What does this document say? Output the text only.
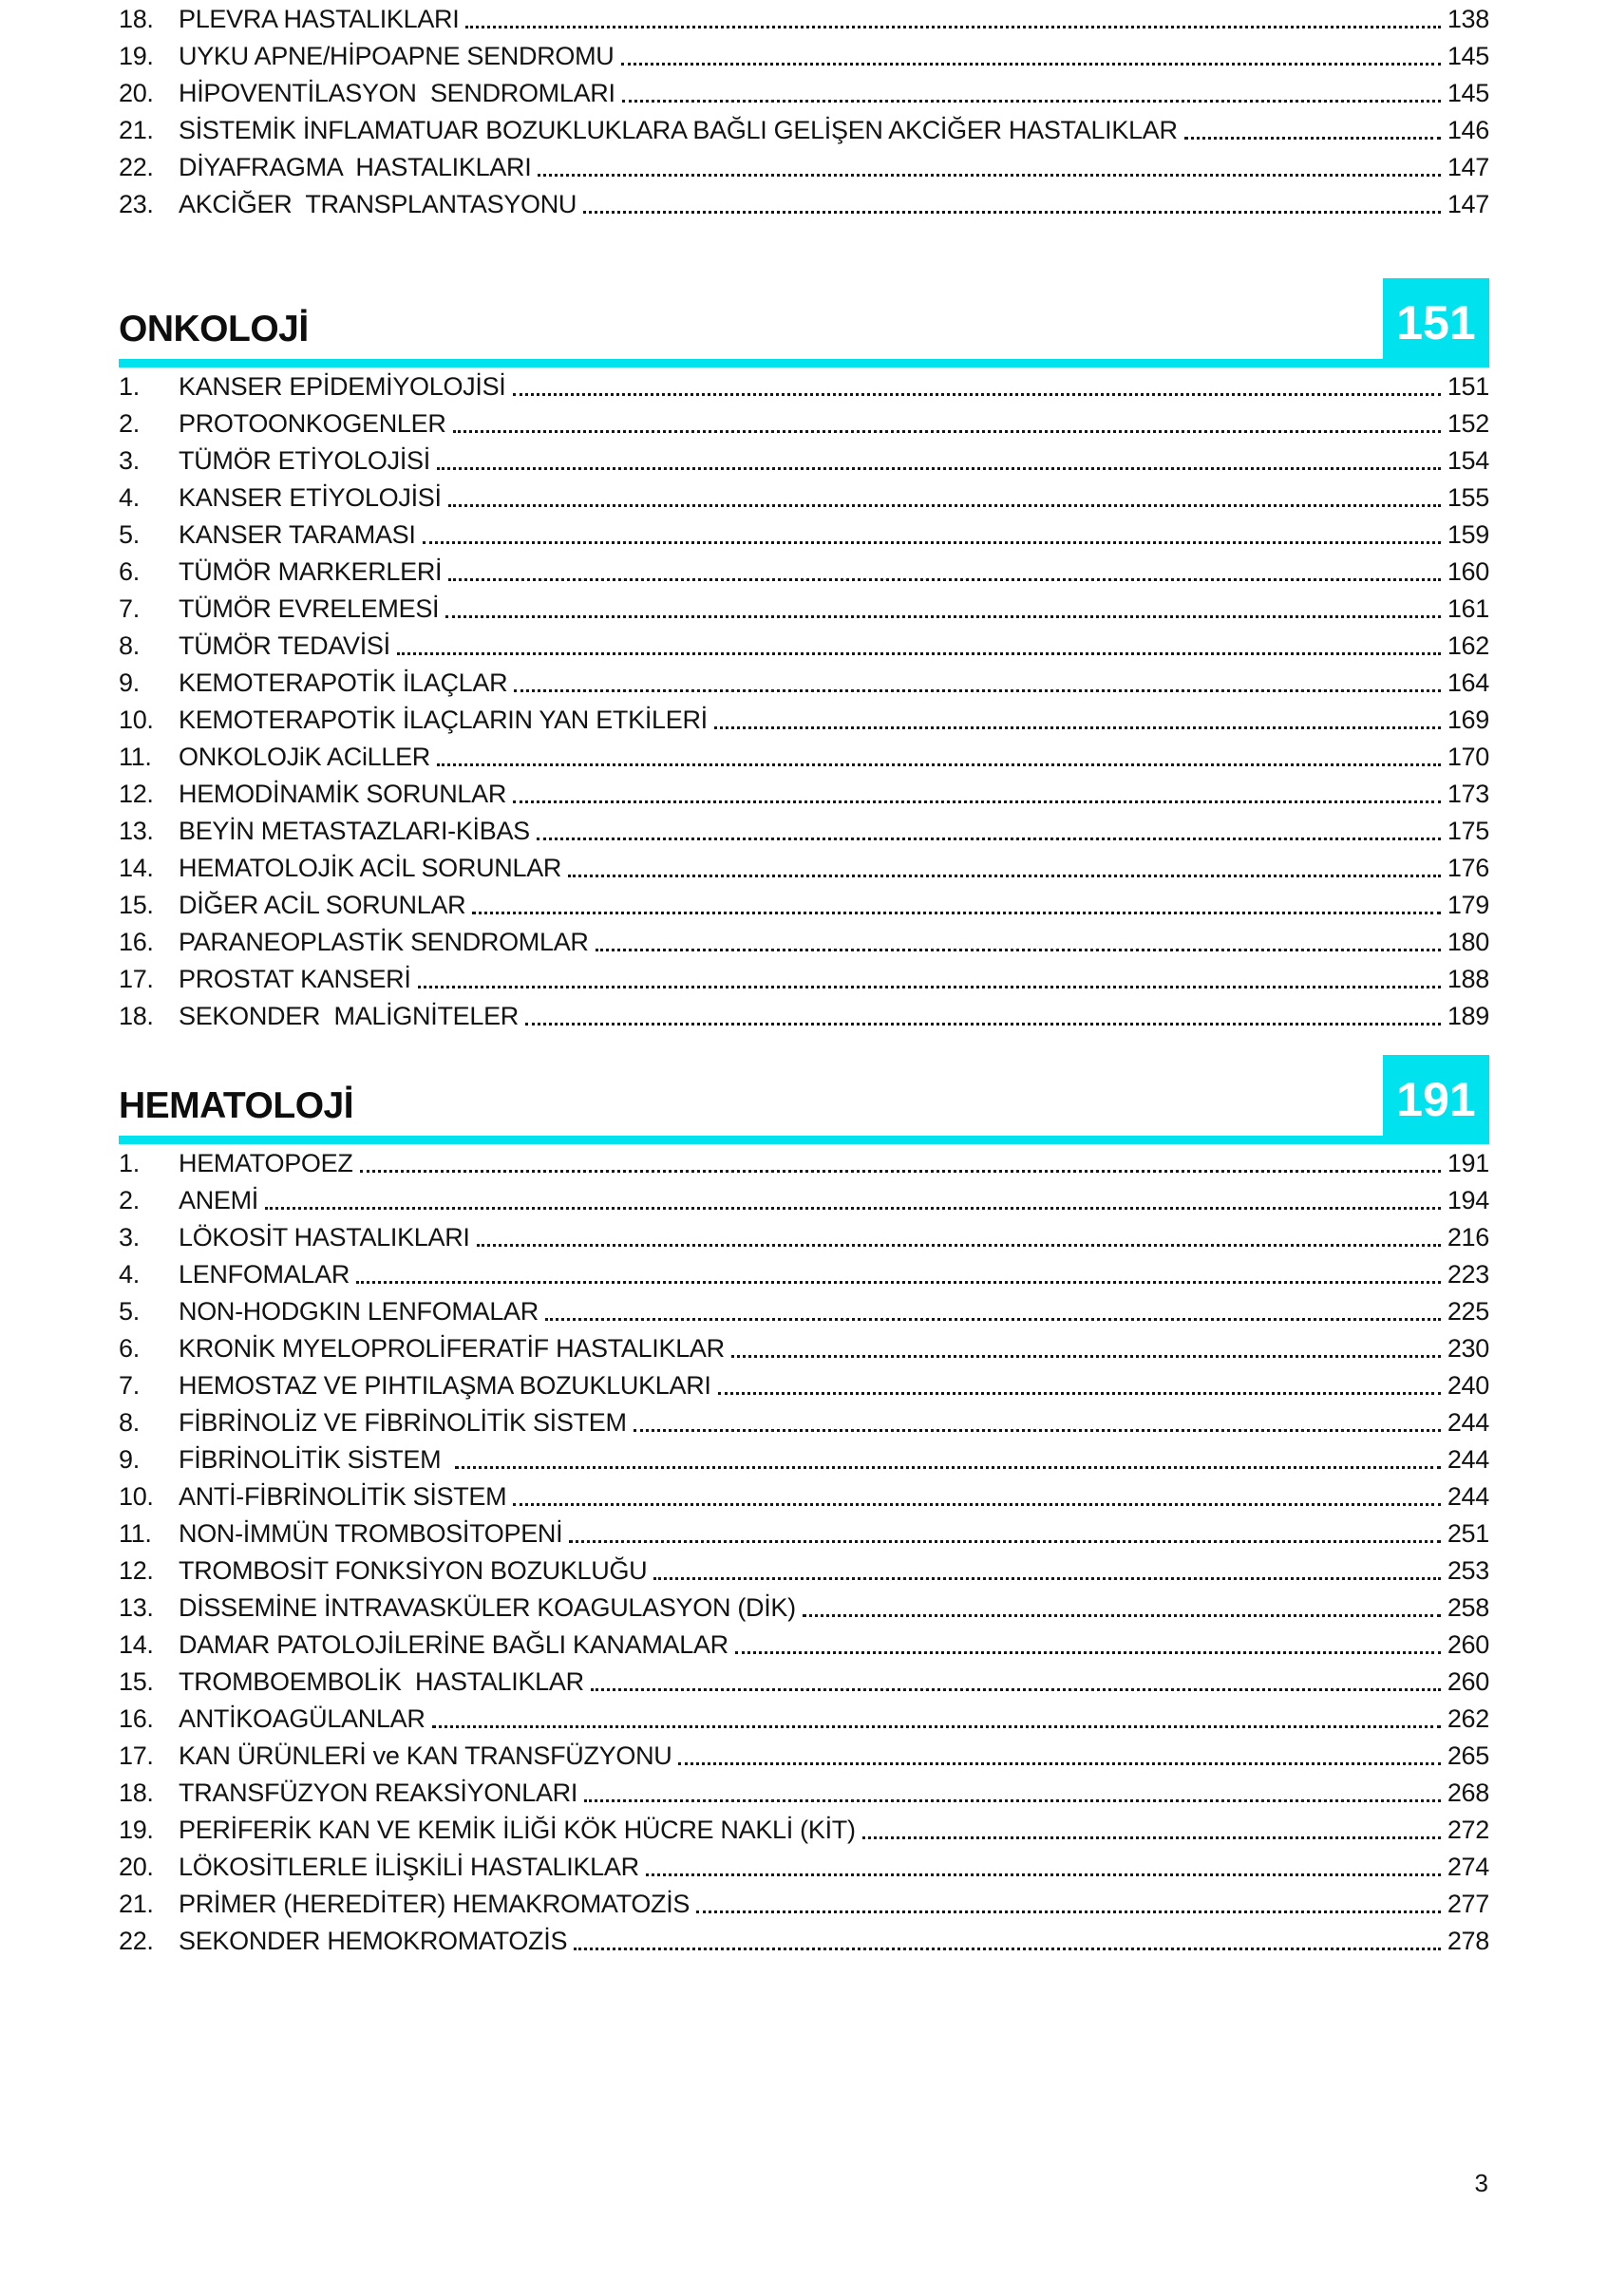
18. PLEVRA HASTALIKLARI	138
19. UYKU APNE/HİPOAPNE SENDROMU	145
20. HİPOVENTİLASYON  SENDROMLARI	145
21. SİSTEMİK İNFLAMATUAR BOZUKLUKLARA BAĞLI GELİŞEN AKCİĞER HASTALIKLAR	146
22. DİYAFRAGMA  HASTALIKLARI	147
23. AKCİĞER  TRANSPLANTASYONU	147
ONKOLOJİ	151
1.	KANSER EPİDEMİYOLOJİSİ	151
2.	PROTOONKOGENLER	152
3.	TÜMÖR ETİYOLOJİSİ	154
4.	KANSER ETİYOLOJİSİ	155
5.	KANSER TARAMASI	159
6.	TÜMÖR MARKERLERİ	160
7.	TÜMÖR EVRELEMESİ	161
8.	TÜMÖR TEDAVİSİ	162
9.	KEMOTERAPOTİK İLAÇLAR	164
10. KEMOTERAPOTİK İLAÇLARIN YAN ETKİLERİ	169
11.	ONKOLOJiK ACiLLER	170
12. HEMODİNAMİK SORUNLAR	173
13. BEYİN METASTAZLARI-KİBAS	175
14. HEMATOLOJİK ACİL SORUNLAR	176
15. DİĞER ACİL SORUNLAR	179
16. PARANEOPLASTİK SENDROMLAR	180
17. PROSTAT KANSERİ	188
18. SEKONDER  MALİGNİTELER	189
HEMATOLOJİ	191
1.	HEMATOPOEZ	191
2.	ANEMİ	194
3.	LÖKOSİT HASTALIKLARI	216
4.	LENFOMALAR	223
5.	NON-HODGKIN LENFOMALAR	225
6.	KRONİK MYELOPROLİFERATİF HASTALIKLAR	230
7.	HEMOSTAZ VE PIHTILAŞMA BOZUKLUKLARI	240
8.	FİBRİNOLİZ VE FİBRİNOLİTİK SİSTEM	244
9.	FİBRİNOLİTİK SİSTEM	244
10. ANTİ-FİBRİNOLİTİK SİSTEM	244
11.	NON-İMMÜN TROMBOSİTOPENİ	251
12. TROMBOSİT FONKSİYON BOZUKLUĞU	253
13. DİSSEMİNE İNTRAVASKÜLER KOAGULASYON (DİK)	258
14. DAMAR PATOLOJİLERİNE BAĞLI KANAMALAR	260
15. TROMBOEMBOLİK  HASTALIKLAR	260
16. ANTİKOAGÜLANLAR	262
17. KAN ÜRÜNLERİ ve KAN TRANSFÜZYONU	265
18. TRANSFÜZYON REAKSİYONLARI	268
19. PERİFERİK KAN VE KEMİK İLİĞİ KÖK HÜCRE NAKLİ (KİT)	272
20. LÖKOSİTLERLE İLİŞKİLİ HASTALIKLAR	274
21. PRİMER (HEREDİTER) HEMAKROMATOZİS	277
22. SEKONDER HEMOKROMATOZİS	278
3
